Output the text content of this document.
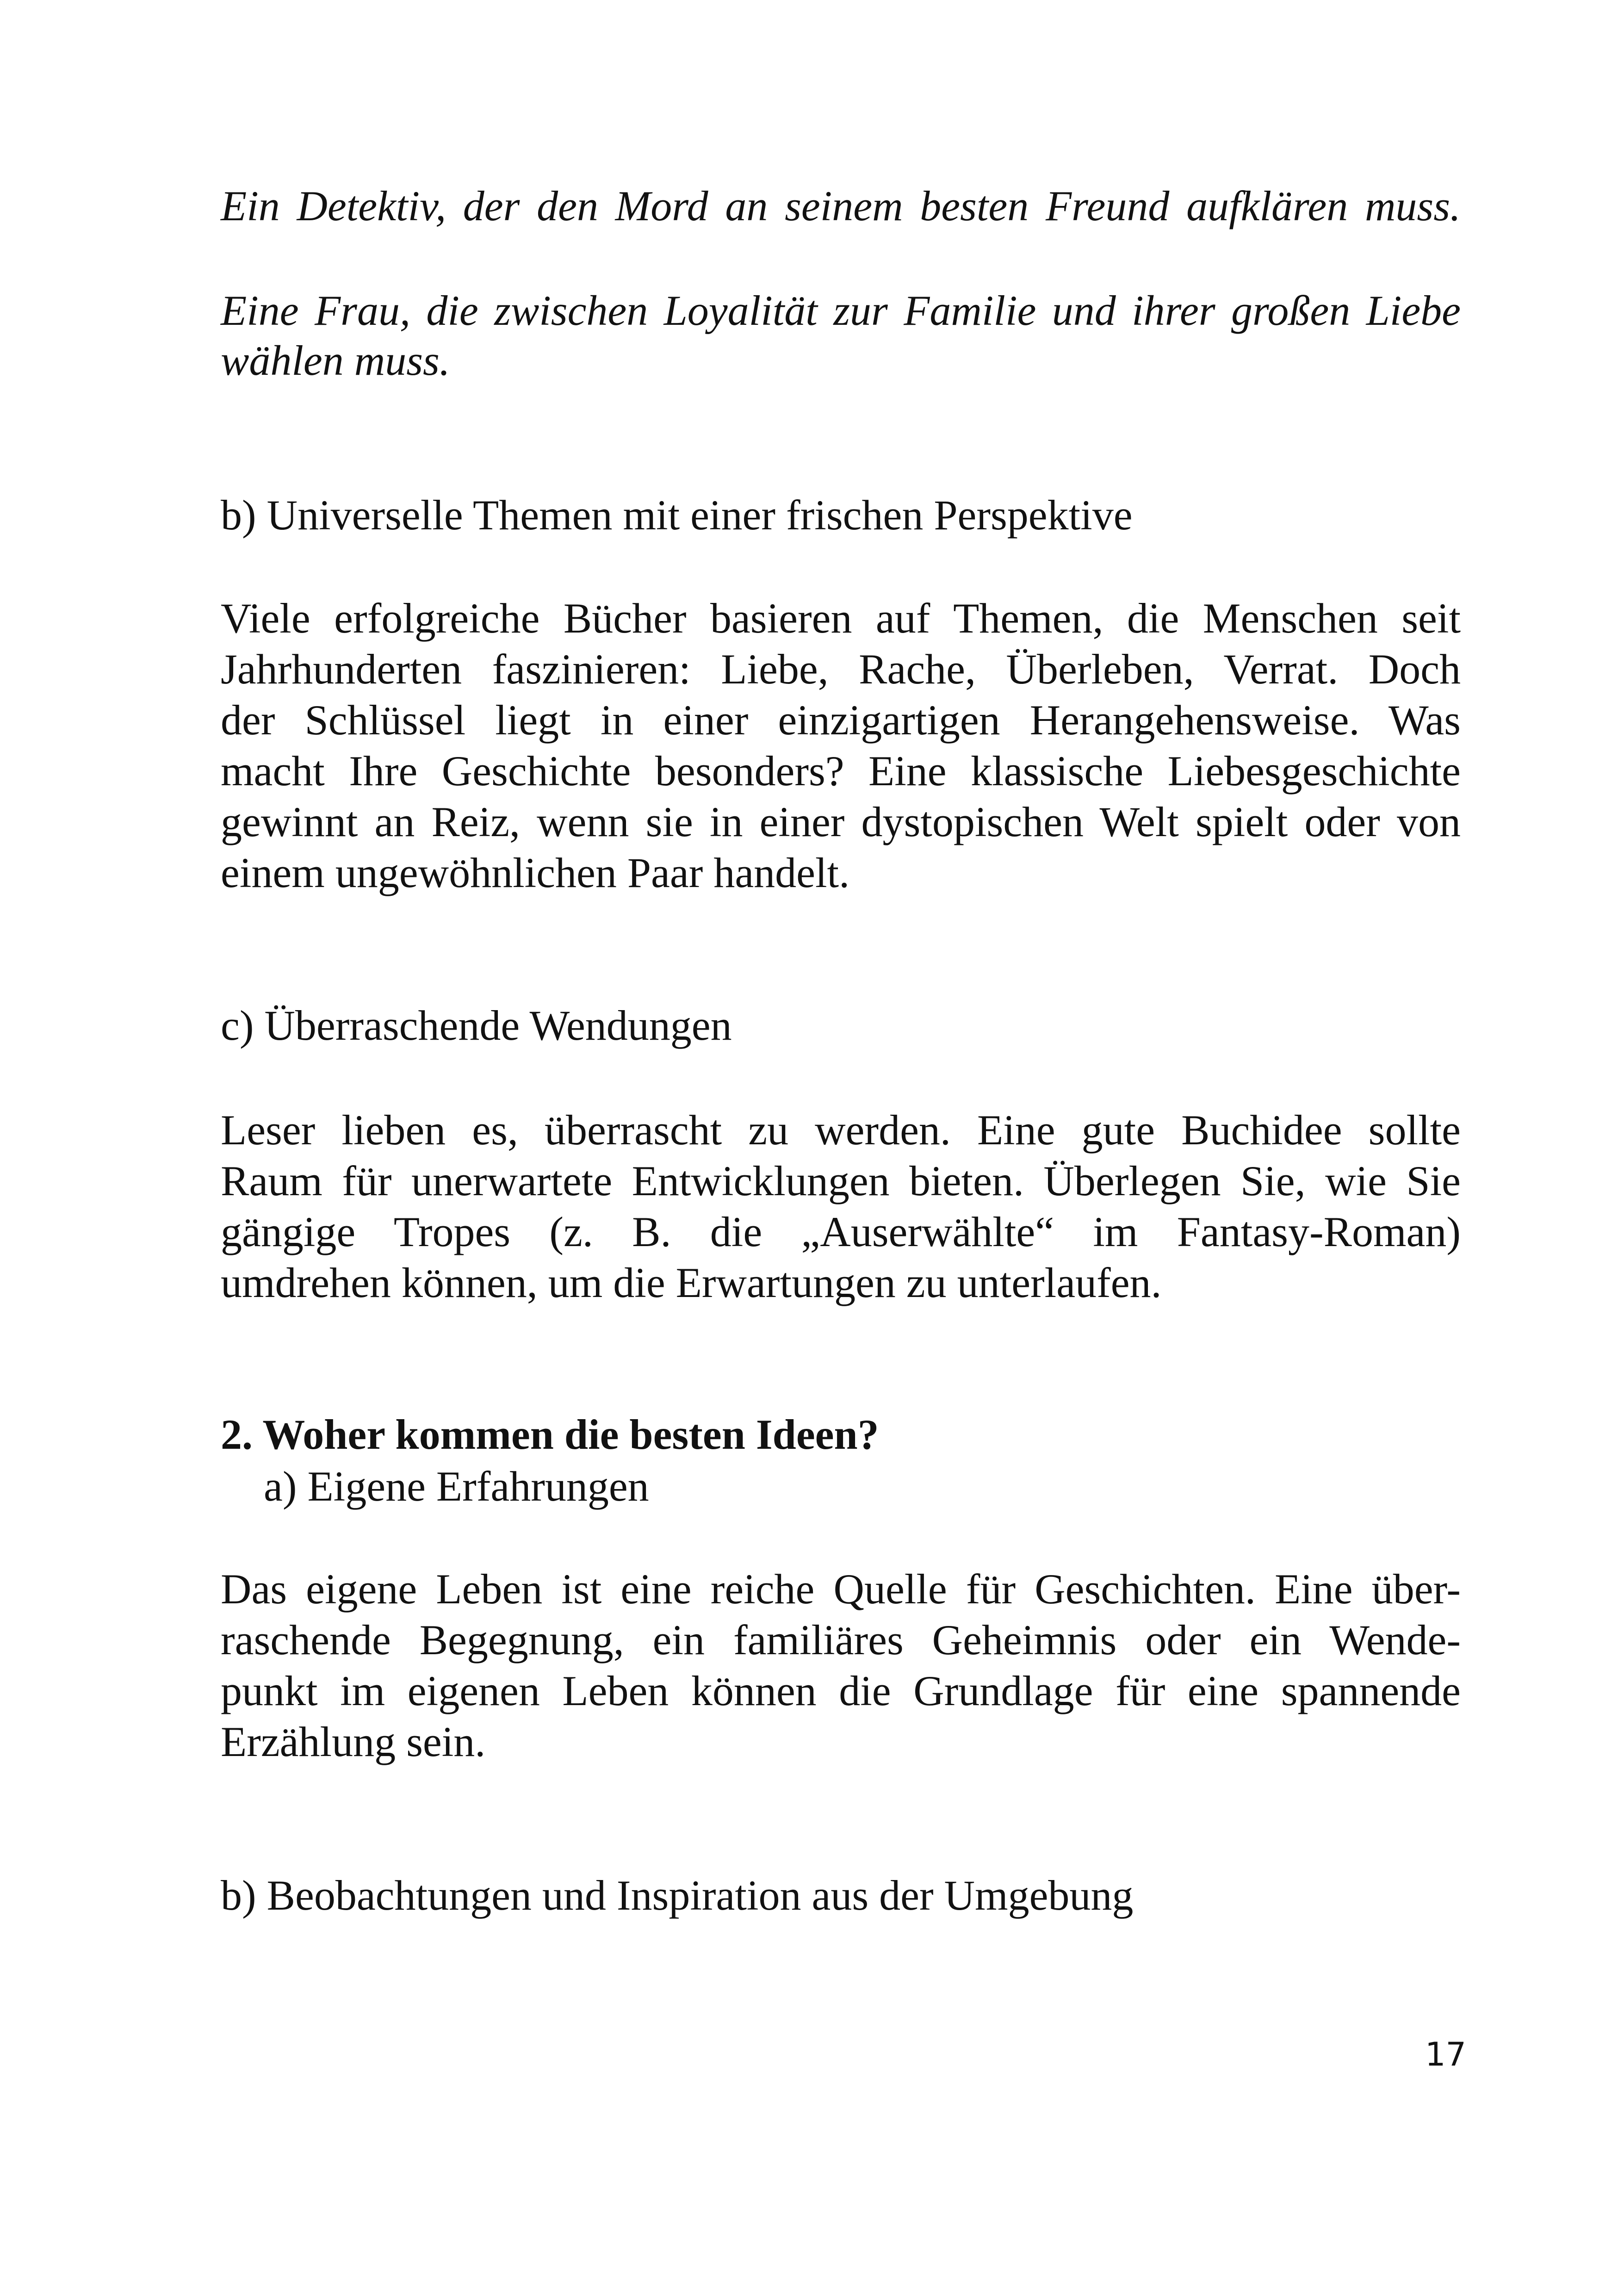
Ein Detektiv, der den Mord an seinem besten Freund aufklären muss.
Eine Frau, die zwischen Loyalität zur Familie und ihrer großen Liebe
wählen muss.
b) Universelle Themen mit einer frischen Perspektive
Viele erfolgreiche Bücher basieren auf Themen, die Menschen seit
Jahrhunderten faszinieren: Liebe, Rache, Überleben, Verrat. Doch
der Schlüssel liegt in einer einzigartigen Herangehensweise. Was
macht Ihre Geschichte besonders? Eine klassische Liebesgeschichte
gewinnt an Reiz, wenn sie in einer dystopischen Welt spielt oder von
einem ungewöhnlichen Paar handelt.
c) Überraschende Wendungen
Leser lieben es, überrascht zu werden. Eine gute Buchidee sollte
Raum für unerwartete Entwicklungen bieten. Überlegen Sie, wie Sie
gängige Tropes (z. B. die „Auserwählte“ im Fantasy-Roman)
umdrehen können, um die Erwartungen zu unterlaufen.
2. Woher kommen die besten Ideen?
a) Eigene Erfahrungen
Das eigene Leben ist eine reiche Quelle für Geschichten. Eine über-
raschende Begegnung, ein familiäres Geheimnis oder ein Wende-
punkt im eigenen Leben können die Grundlage für eine spannende
Erzählung sein.
b) Beobachtungen und Inspiration aus der Umgebung
17
